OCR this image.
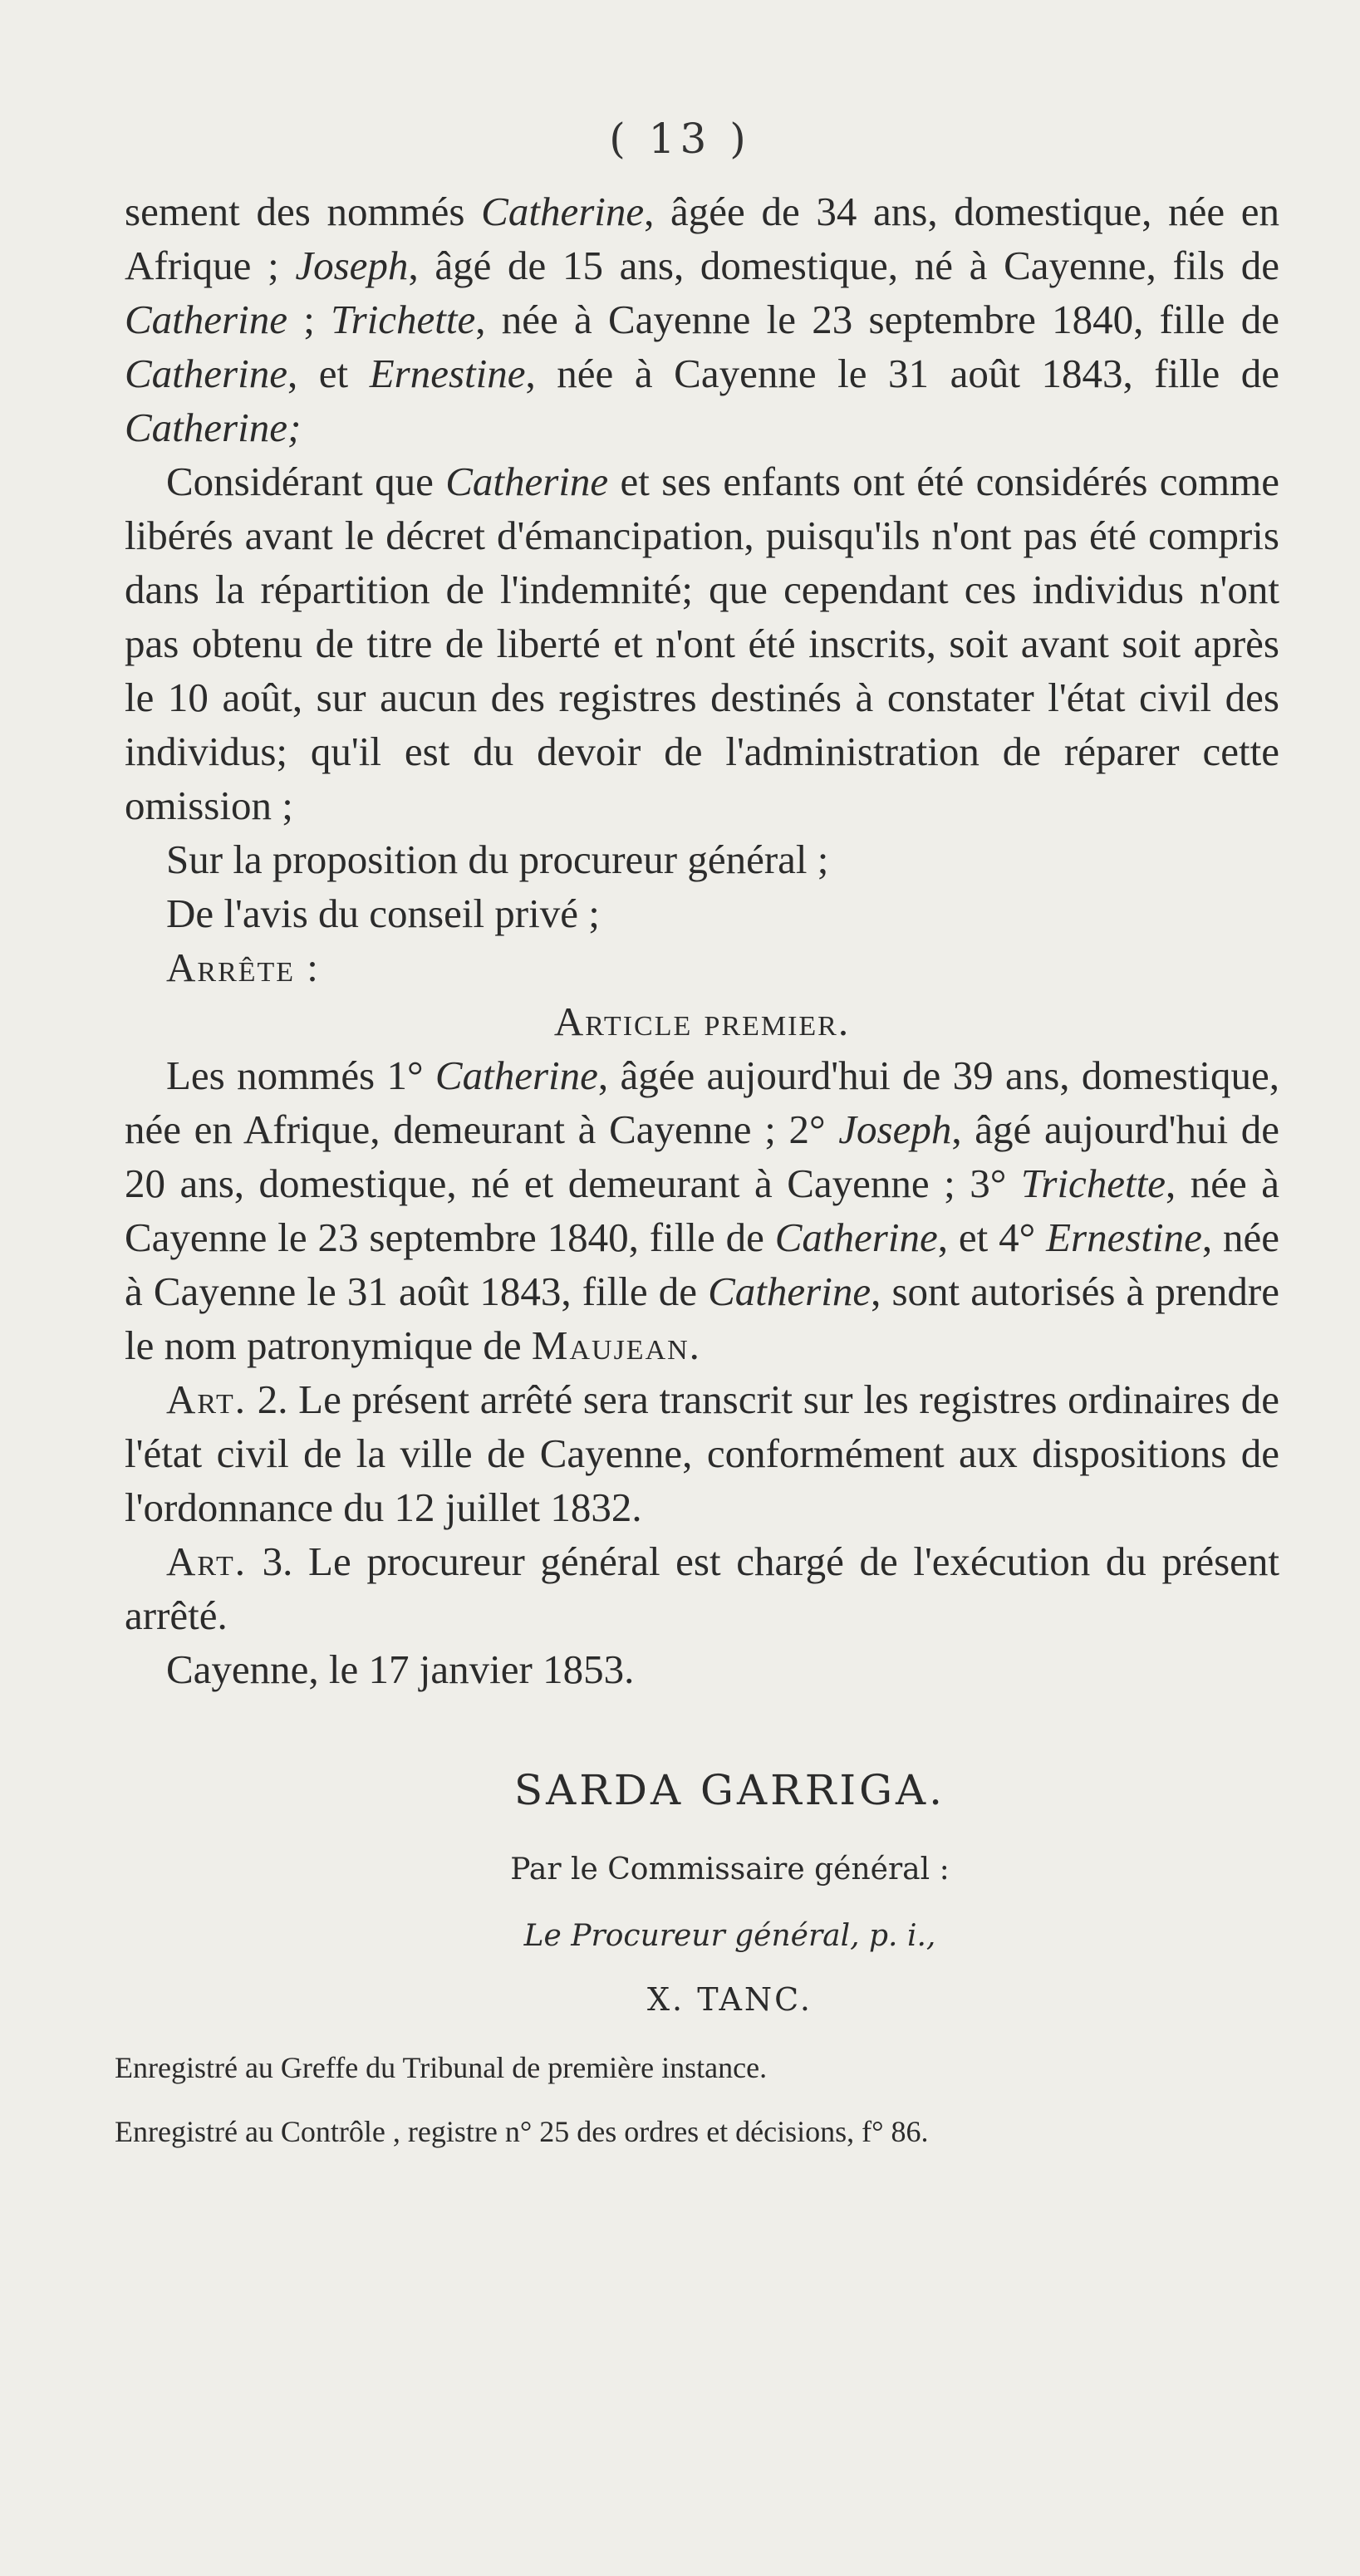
( 13 )

sement des nommés Catherine, âgée de 34 ans, domestique, née en Afrique ; Joseph, âgé de 15 ans, domestique, né à Cayenne, fils de Catherine ; Trichette, née à Cayenne le 23 septembre 1840, fille de Catherine, et Ernestine, née à Cayenne le 31 août 1843, fille de Catherine;

Considérant que Catherine et ses enfants ont été considérés comme libérés avant le décret d'émancipation, puisqu'ils n'ont pas été compris dans la répartition de l'indemnité; que cependant ces individus n'ont pas obtenu de titre de liberté et n'ont été inscrits, soit avant soit après le 10 août, sur aucun des registres destinés à constater l'état civil des individus; qu'il est du devoir de l'administration de réparer cette omission ;

Sur la proposition du procureur général ;

De l'avis du conseil privé ;

Arrête :

Article premier.

Les nommés 1° Catherine, âgée aujourd'hui de 39 ans, domestique, née en Afrique, demeurant à Cayenne ; 2° Joseph, âgé aujourd'hui de 20 ans, domestique, né et demeurant à Cayenne ; 3° Trichette, née à Cayenne le 23 septembre 1840, fille de Catherine, et 4° Ernestine, née à Cayenne le 31 août 1843, fille de Catherine, sont autorisés à prendre le nom patronymique de Maujean.

Art. 2. Le présent arrêté sera transcrit sur les registres ordinaires de l'état civil de la ville de Cayenne, conformément aux dispositions de l'ordonnance du 12 juillet 1832.

Art. 3. Le procureur général est chargé de l'exécution du présent arrêté.

Cayenne, le 17 janvier 1853.

SARDA GARRIGA.
Par le Commissaire général :
Le Procureur général, p. i.,
X. TANC.
Enregistré au Greffe du Tribunal de première instance.
Enregistré au Contrôle , registre n° 25 des ordres et décisions, f° 86.
